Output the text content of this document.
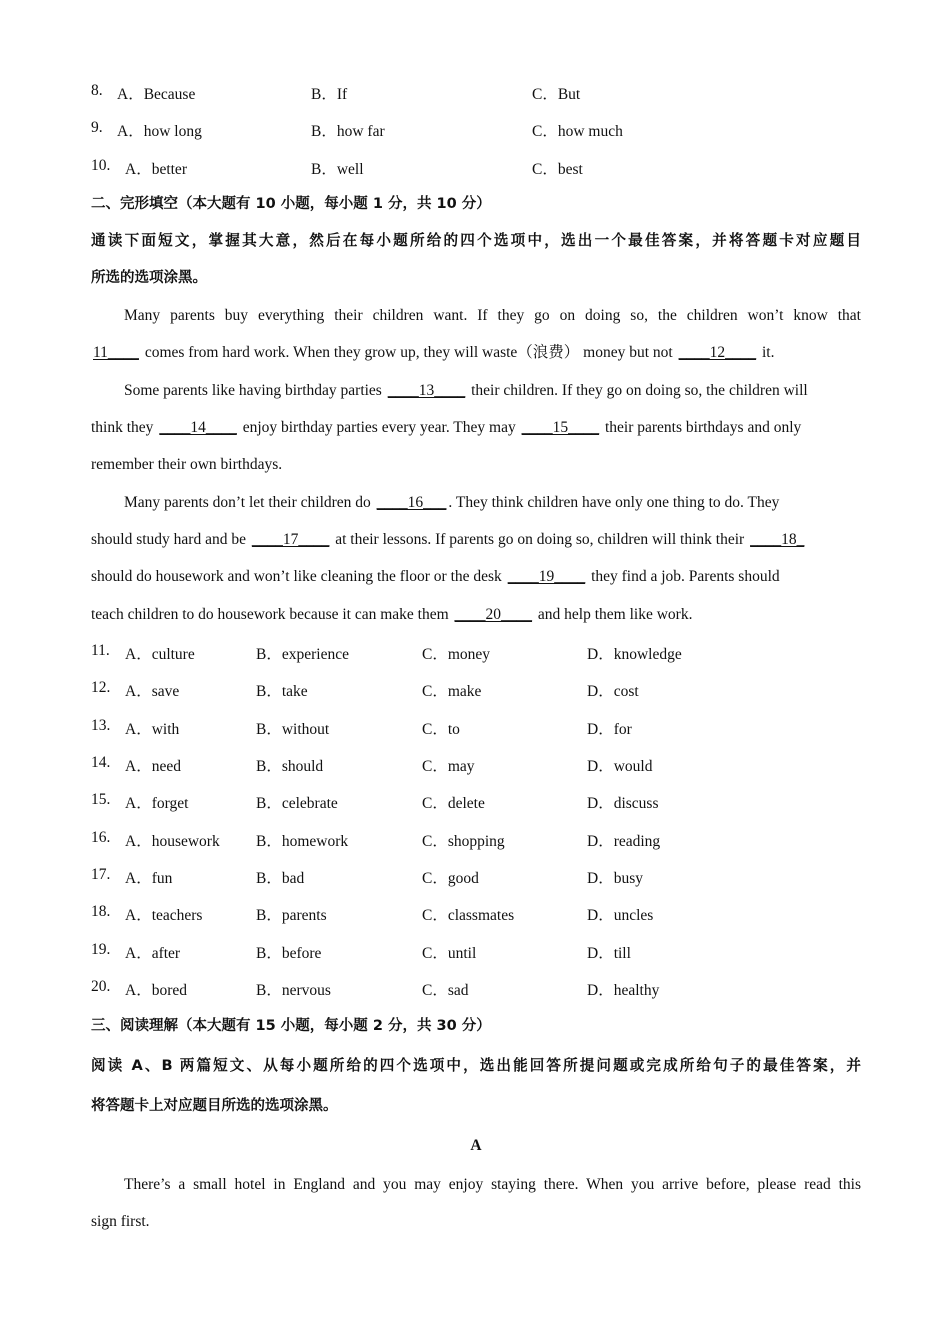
8. A．Because	B．If	C．But
9. A．how long	B．how far	C．how much
10. A．better	B．well	C．best
二、完形填空（本大题有 10 小题，每小题 1 分，共 10 分）
通读下面短文，掌握其大意，然后在每小题所给的四个选项中，选出一个最佳答案，并将答题卡对应题目
所选的选项涂黑。
Many parents buy everything their children want. If they go on doing so, the children won’t know that
11____ comes from hard work. When they grow up, they will waste（浪费） money but not ____12____ it.
Some parents like having birthday parties ____13____ their children. If they go on doing so, the children will
think they ____14____ enjoy birthday parties every year. They may ____15____ their parents birthdays and only
remember their own birthdays.
Many parents don’t let their children do ____16___ . They think children have only one thing to do. They
should study hard and be ____17____ at their lessons. If parents go on doing so, children will think their ____18_
should do housework and won’t like cleaning the floor or the desk ____19____ they find a job. Parents should
teach children to do housework because it can make them ____20____ and help them like work.
11. A．culture	B．experience	C．money	D．knowledge
12. A．save	B．take	C．make	D．cost
13. A．with	B．without	C．to	D．for
14. A．need	B．should	C．may	D．would
15. A．forget	B．celebrate	C．delete	D．discuss
16. A．housework B．homework	C．shopping	D．reading
17. A．fun	B．bad	C．good	D．busy
18. A．teachers	B．parents	C．classmates	D．uncles
19. A．after	B．before	C．until	D．till
20. A．bored	B．nervous	C．sad	D．healthy
三、阅读理解（本大题有 15 小题，每小题 2 分，共 30 分）
阅读 A、B 两篇短文、从每小题所给的四个选项中，选出能回答所提问题或完成所给句子的最佳答案，并
将答题卡上对应题目所选的选项涂黑。
A
There’s a small hotel in England and you may enjoy staying there. When you arrive before, please read this
sign first.
